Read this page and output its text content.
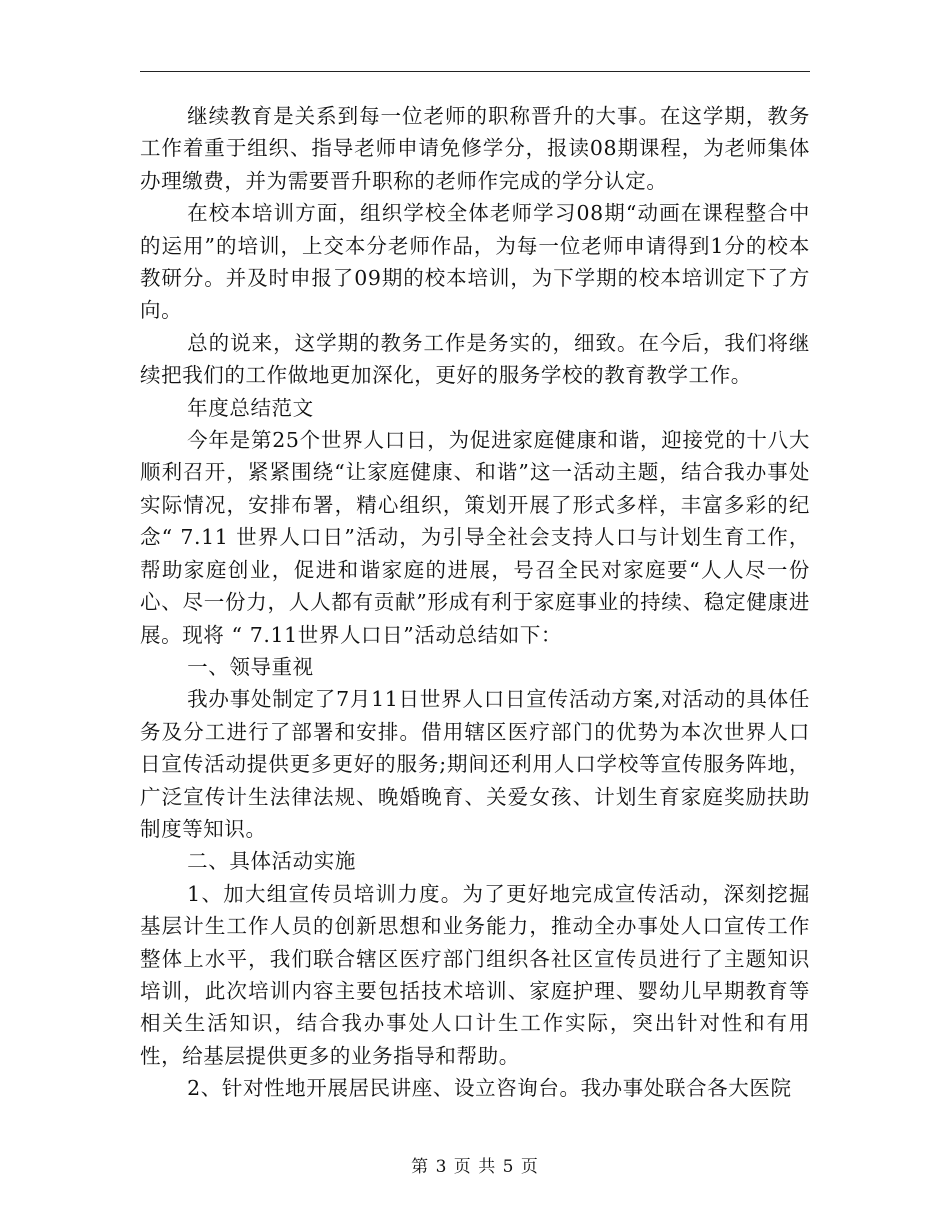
继续教育是关系到每一位老师的职称晋升的大事。在这学期，教务工作着重于组织、指导老师申请免修学分，报读08期课程，为老师集体办理缴费，并为需要晋升职称的老师作完成的学分认定。

在校本培训方面，组织学校全体老师学习08期“动画在课程整合中的运用”的培训，上交本分老师作品，为每一位老师申请得到1分的校本教研分。并及时申报了09期的校本培训，为下学期的校本培训定下了方向。

总的说来，这学期的教务工作是务实的，细致。在今后，我们将继续把我们的工作做地更加深化，更好的服务学校的教育教学工作。

年度总结范文

今年是第25个世界人口日，为促进家庭健康和谐，迎接党的十八大顺利召开，紧紧围绕“让家庭健康、和谐”这一活动主题，结合我办事处实际情况，安排布署，精心组织，策划开展了形式多样，丰富多彩的纪念“ 7.11 世界人口日”活动，为引导全社会支持人口与计划生育工作，帮助家庭创业，促进和谐家庭的进展，号召全民对家庭要“人人尽一份心、尽一份力，人人都有贡献”形成有利于家庭事业的持续、稳定健康进展。现将 “ 7.11世界人口日”活动总结如下：

一、领导重视

我办事处制定了7月11日世界人口日宣传活动方案,对活动的具体任务及分工进行了部署和安排。借用辖区医疗部门的优势为本次世界人口日宣传活动提供更多更好的服务;期间还利用人口学校等宣传服务阵地，广泛宣传计生法律法规、晚婚晚育、关爱女孩、计划生育家庭奖励扶助制度等知识。

二、具体活动实施

1、加大组宣传员培训力度。为了更好地完成宣传活动，深刻挖掘基层计生工作人员的创新思想和业务能力，推动全办事处人口宣传工作整体上水平，我们联合辖区医疗部门组织各社区宣传员进行了主题知识培训，此次培训内容主要包括技术培训、家庭护理、婴幼儿早期教育等相关生活知识，结合我办事处人口计生工作实际，突出针对性和有用性，给基层提供更多的业务指导和帮助。

2、针对性地开展居民讲座、设立咨询台。我办事处联合各大医院

第 3 页 共 5 页
